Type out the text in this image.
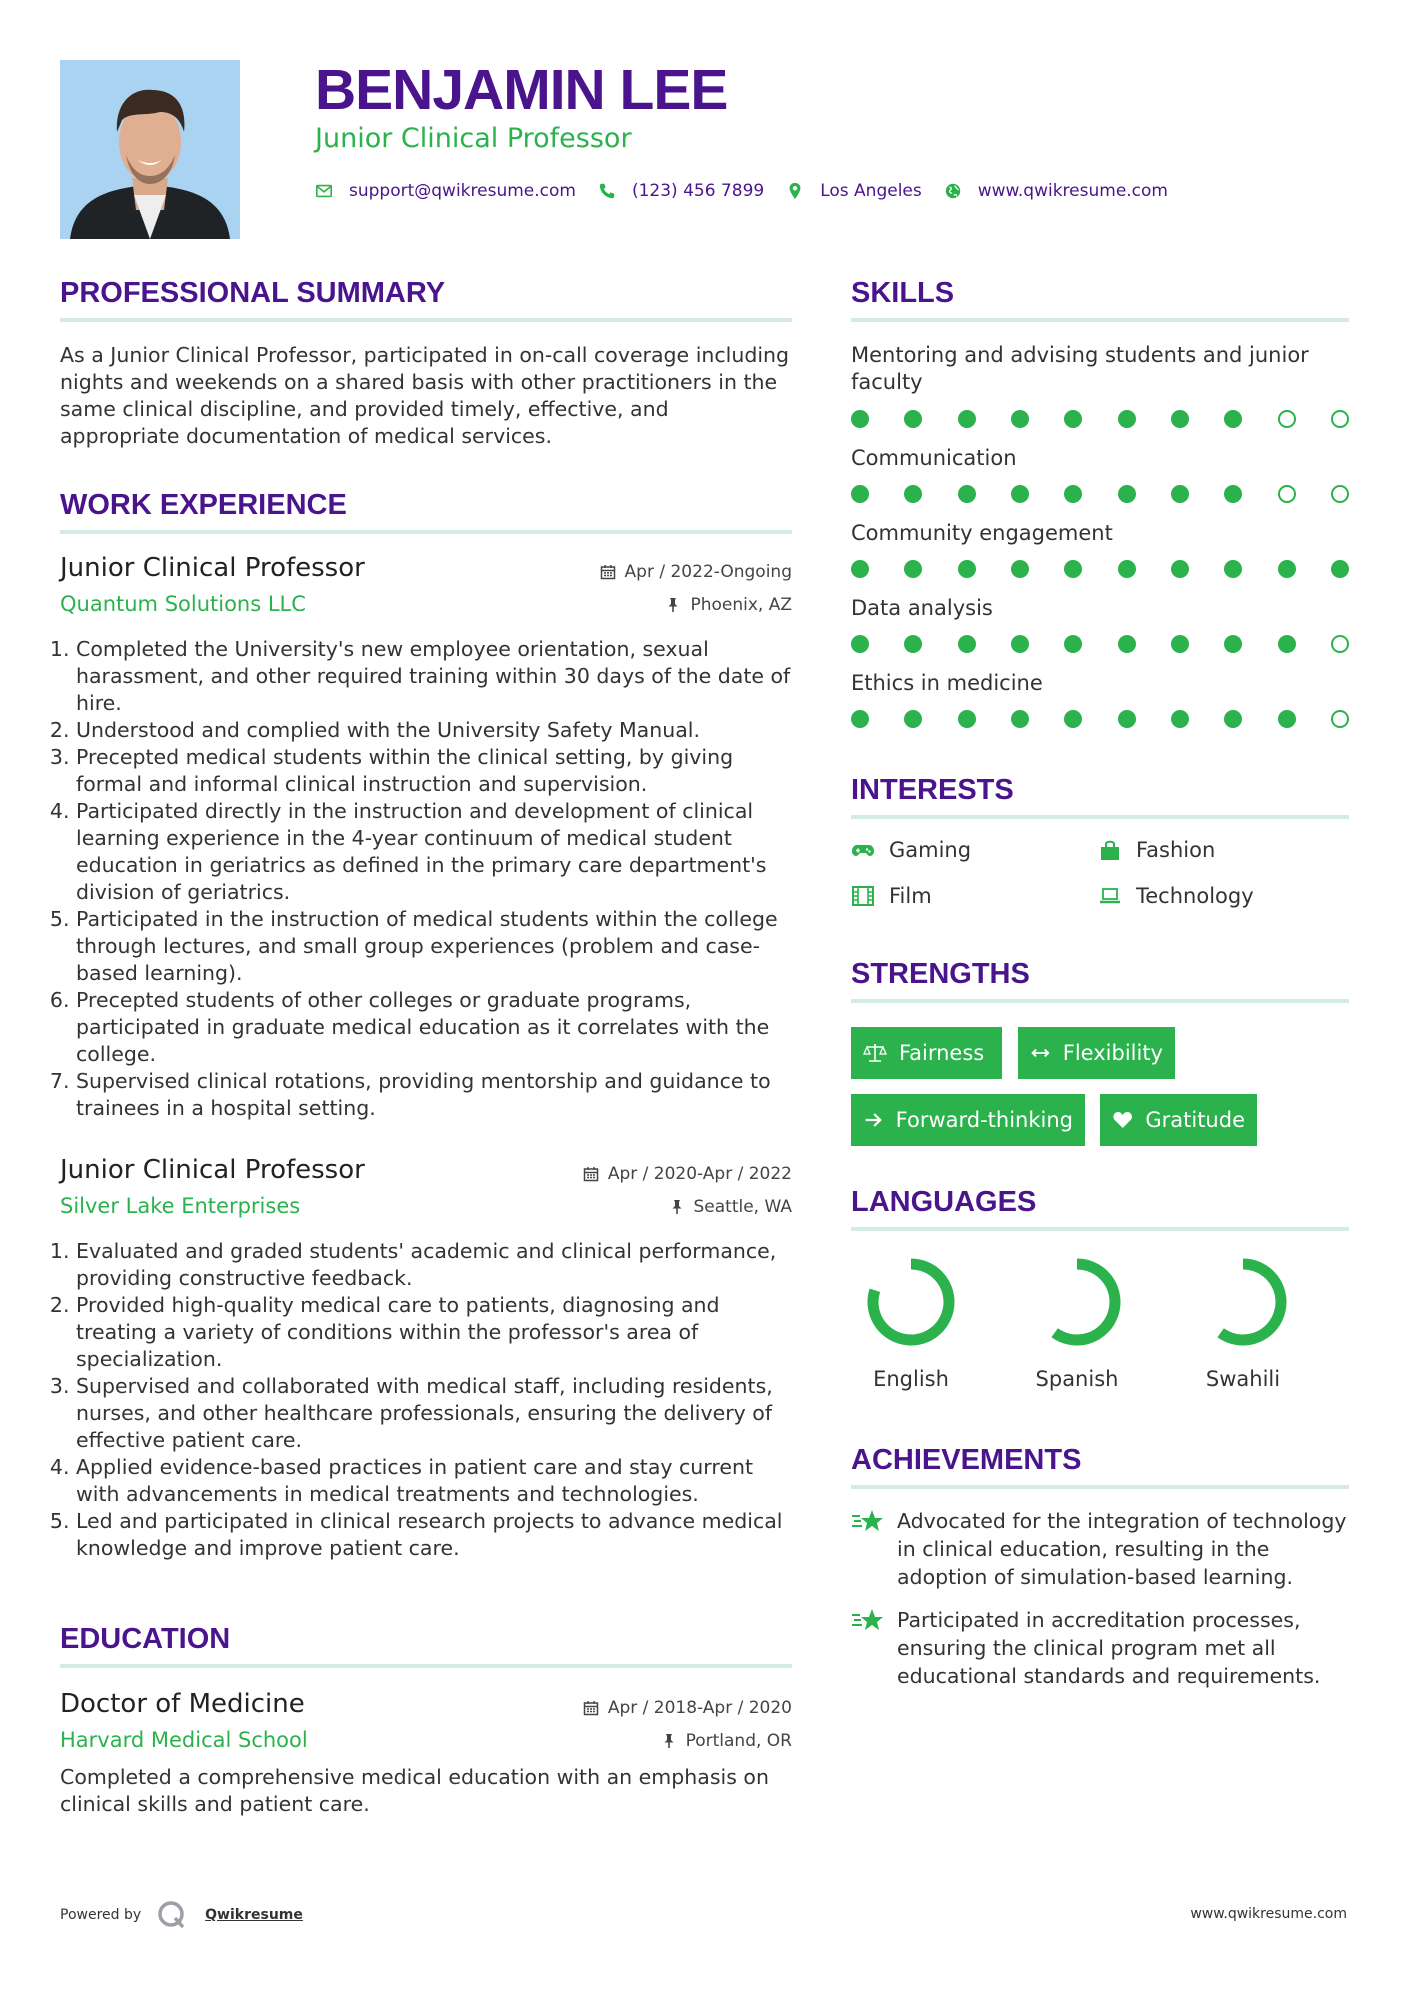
BENJAMIN LEE
Junior Clinical Professor
support@qwikresume.com	(123) 456 7899	Los Angeles	www.qwikresume.com
PROFESSIONAL SUMMARY
As a Junior Clinical Professor, participated in on-call coverage including nights and weekends on a shared basis with other practitioners in the same clinical discipline, and provided timely, effective, and appropriate documentation of medical services.
WORK EXPERIENCE
Junior Clinical Professor
Quantum Solutions LLC
Apr / 2022-Ongoing
Phoenix, AZ
1. Completed the University's new employee orientation, sexual harassment, and other required training within 30 days of the date of hire.
2. Understood and complied with the University Safety Manual.
3. Precepted medical students within the clinical setting, by giving formal and informal clinical instruction and supervision.
4. Participated directly in the instruction and development of clinical learning experience in the 4-year continuum of medical student education in geriatrics as defined in the primary care department's division of geriatrics.
5. Participated in the instruction of medical students within the college through lectures, and small group experiences (problem and case-based learning).
6. Precepted students of other colleges or graduate programs, participated in graduate medical education as it correlates with the college.
7. Supervised clinical rotations, providing mentorship and guidance to trainees in a hospital setting.
Junior Clinical Professor
Silver Lake Enterprises
Apr / 2020-Apr / 2022
Seattle, WA
1. Evaluated and graded students' academic and clinical performance, providing constructive feedback.
2. Provided high-quality medical care to patients, diagnosing and treating a variety of conditions within the professor's area of specialization.
3. Supervised and collaborated with medical staff, including residents, nurses, and other healthcare professionals, ensuring the delivery of effective patient care.
4. Applied evidence-based practices in patient care and stay current with advancements in medical treatments and technologies.
5. Led and participated in clinical research projects to advance medical knowledge and improve patient care.
EDUCATION
Doctor of Medicine
Harvard Medical School
Apr / 2018-Apr / 2020
Portland, OR
Completed a comprehensive medical education with an emphasis on clinical skills and patient care.
SKILLS
Mentoring and advising students and junior faculty
Communication
Community engagement
Data analysis
Ethics in medicine
INTERESTS
Gaming	Fashion
Film	Technology
STRENGTHS
Fairness	Flexibility
Forward-thinking	Gratitude
LANGUAGES
English	Spanish	Swahili
ACHIEVEMENTS
Advocated for the integration of technology in clinical education, resulting in the adoption of simulation-based learning.
Participated in accreditation processes, ensuring the clinical program met all educational standards and requirements.
Powered by	Qwikresume	www.qwikresume.com
